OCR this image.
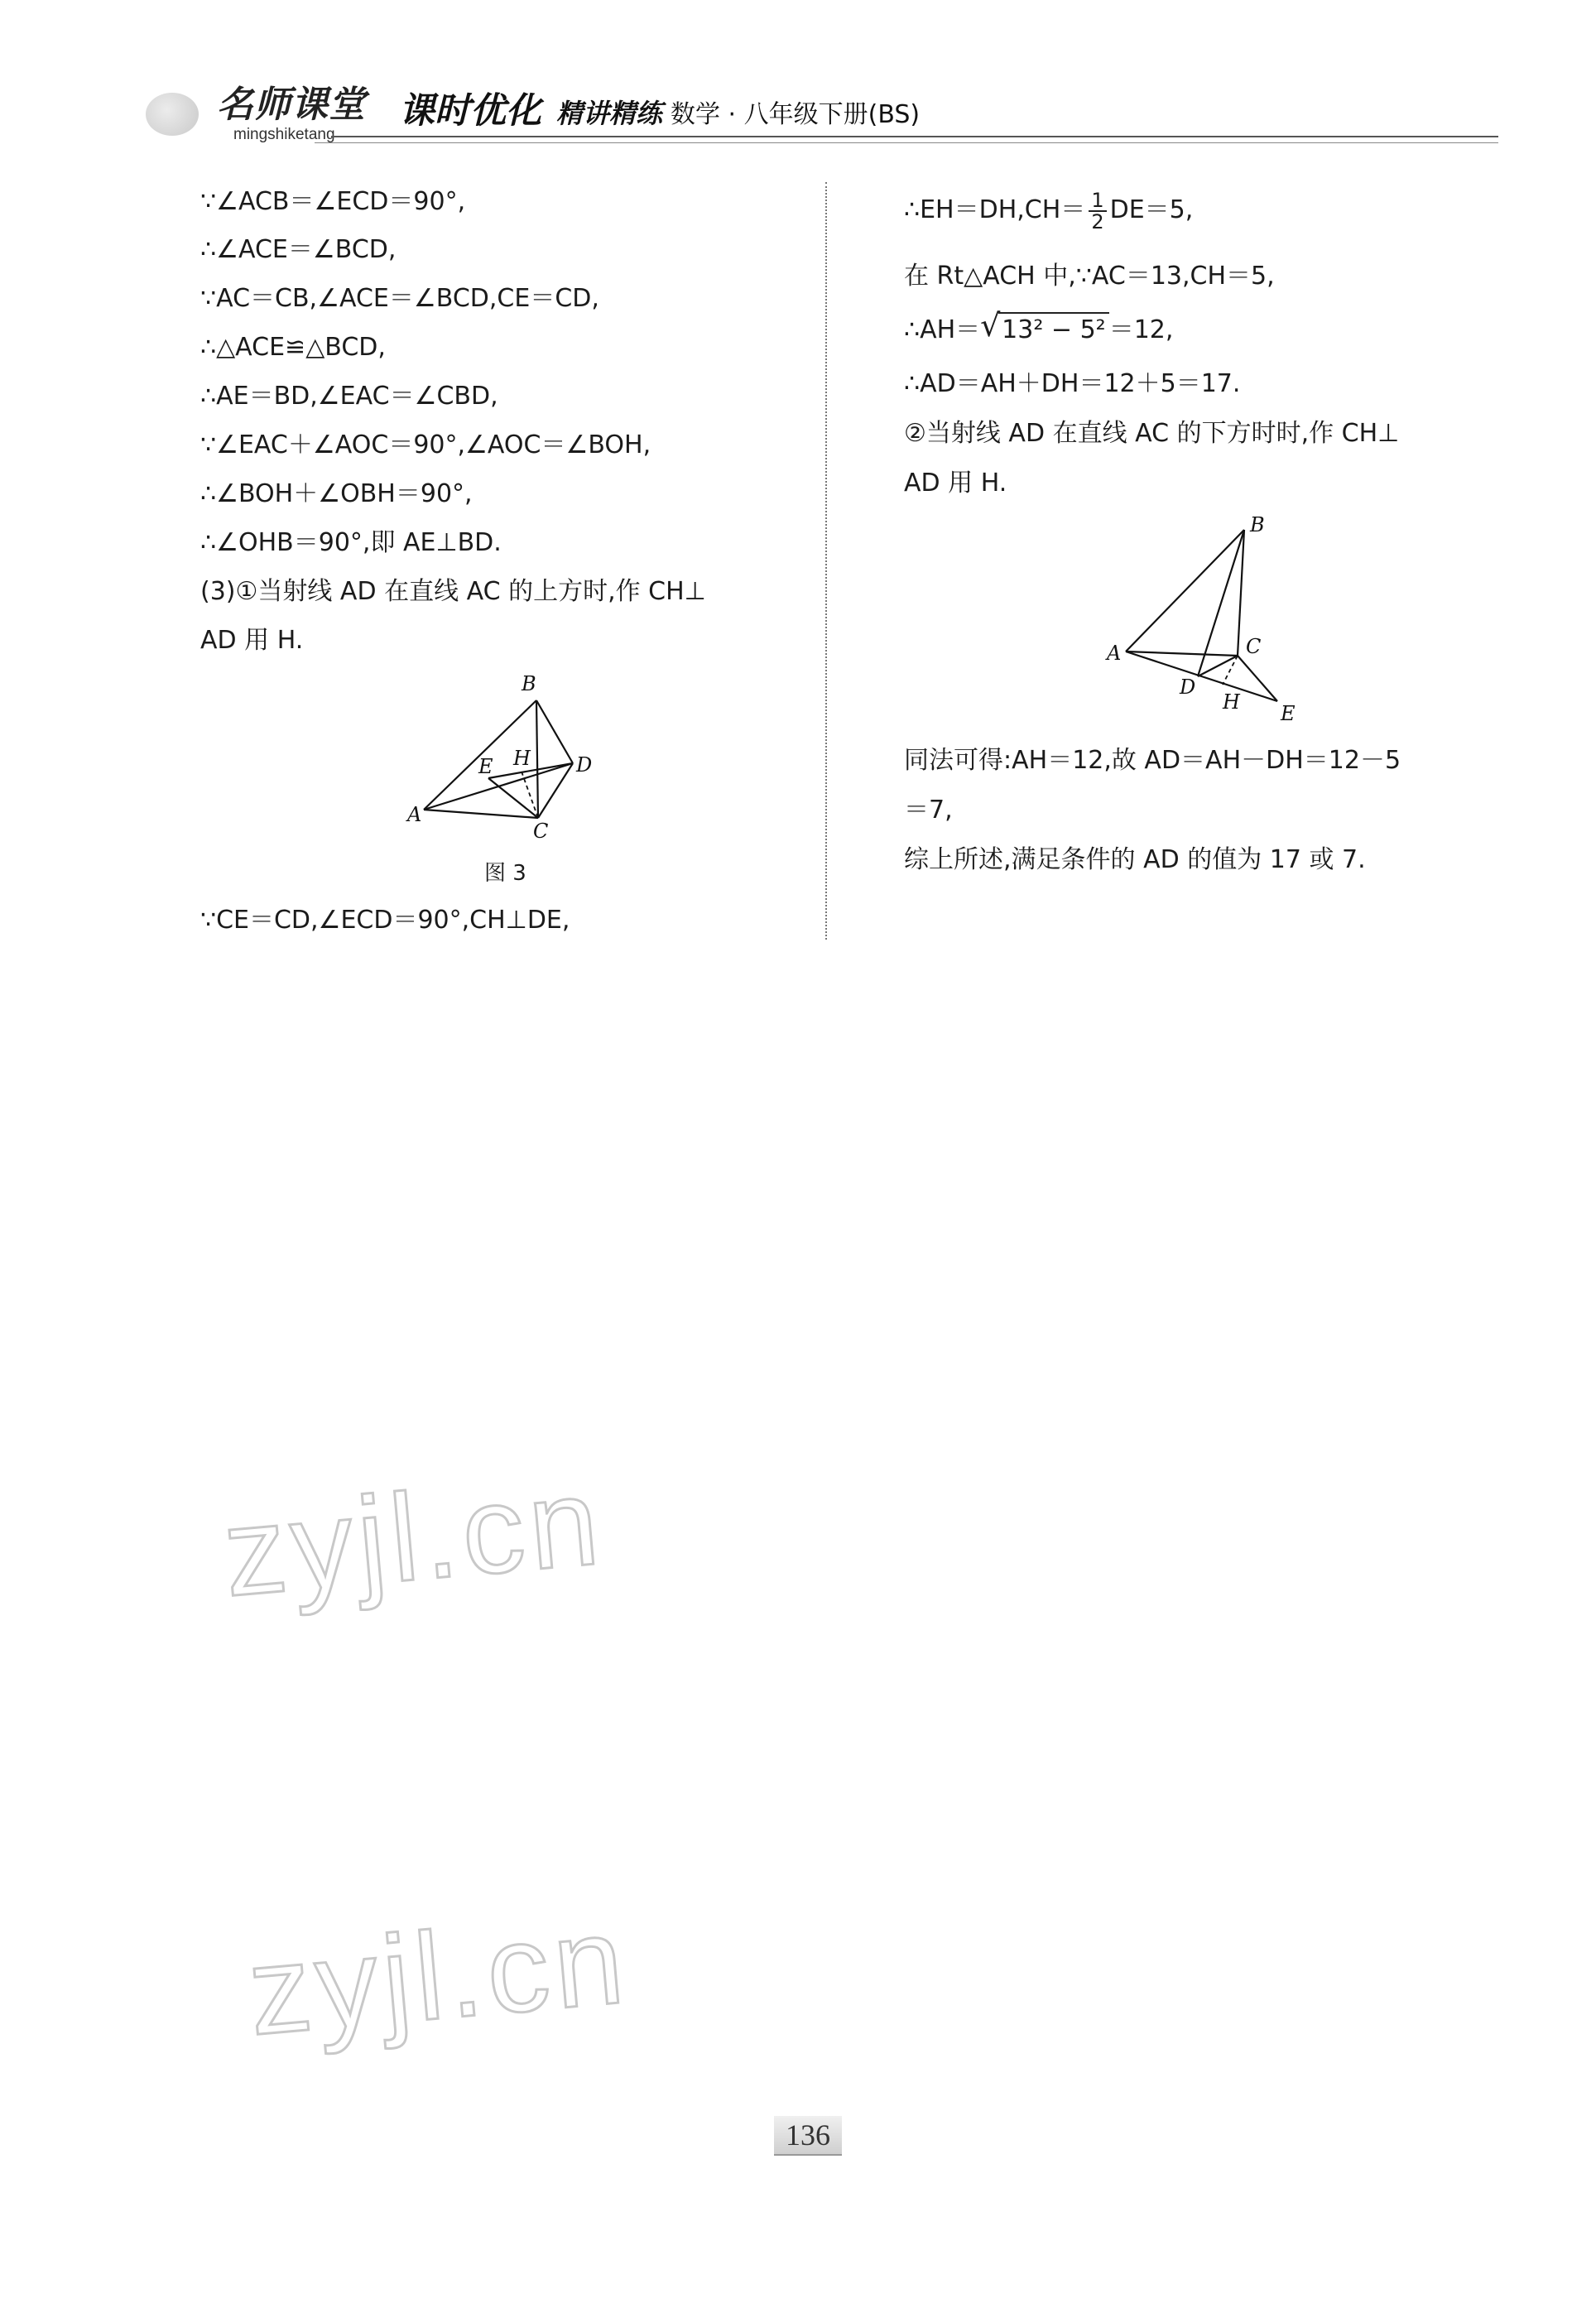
名师课堂
mingshiketang
课时优化 精讲精练 数学 · 八年级下册(BS)
∵∠ACB＝∠ECD＝90°,
∴∠ACE＝∠BCD,
∵AC＝CB,∠ACE＝∠BCD,CE＝CD,
∴△ACE≌△BCD,
∴AE＝BD,∠EAC＝∠CBD,
∵∠EAC＋∠AOC＝90°,∠AOC＝∠BOH,
∴∠BOH＋∠OBH＝90°,
∴∠OHB＝90°,即 AE⊥BD.
(3)①当射线 AD 在直线 AC 的上方时,作 CH⊥
AD 用 H.
∵CE＝CD,∠ECD＝90°,CH⊥DE,
B
A
C
D
E H
图 3
∴EH＝DH,CH＝ $\frac{1}{2} DE=5$,
在 Rt△ACH 中,∵AC＝13,CH＝5,
∴AH＝ √ 13² − 5² ＝12,
∴AD＝AH＋DH＝12＋5＝17.
②当射线 AD 在直线 AC 的下方时时,作 CH⊥
AD 用 H.
同法可得:AH＝12,故 AD＝AH－DH＝12－5
＝7,
综上所述,满足条件的 AD 的值为 17 或 7.
B
A	C
D
E
H
zyjl.cn
zyjl.cn
136
